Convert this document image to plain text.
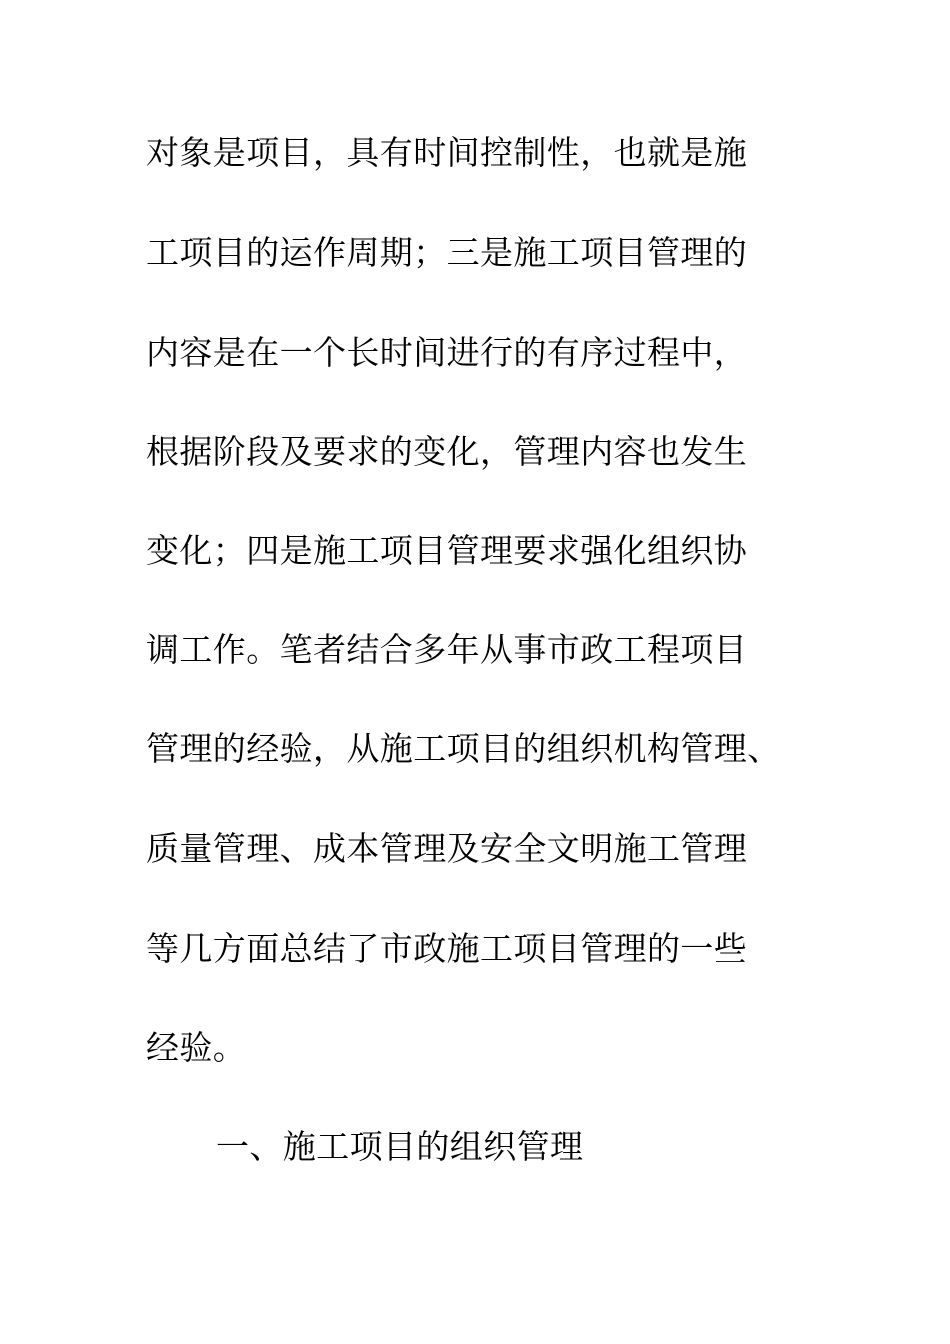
对象是项目，具有时间控制性，也就是施

工项目的运作周期；三是施工项目管理的

内容是在一个长时间进行的有序过程中，

根据阶段及要求的变化，管理内容也发生

变化；四是施工项目管理要求强化组织协

调工作。笔者结合多年从事市政工程项目

管理的经验，从施工项目的组织机构管理、

质量管理、成本管理及安全文明施工管理

等几方面总结了市政施工项目管理的一些

经验。

一、施工项目的组织管理
